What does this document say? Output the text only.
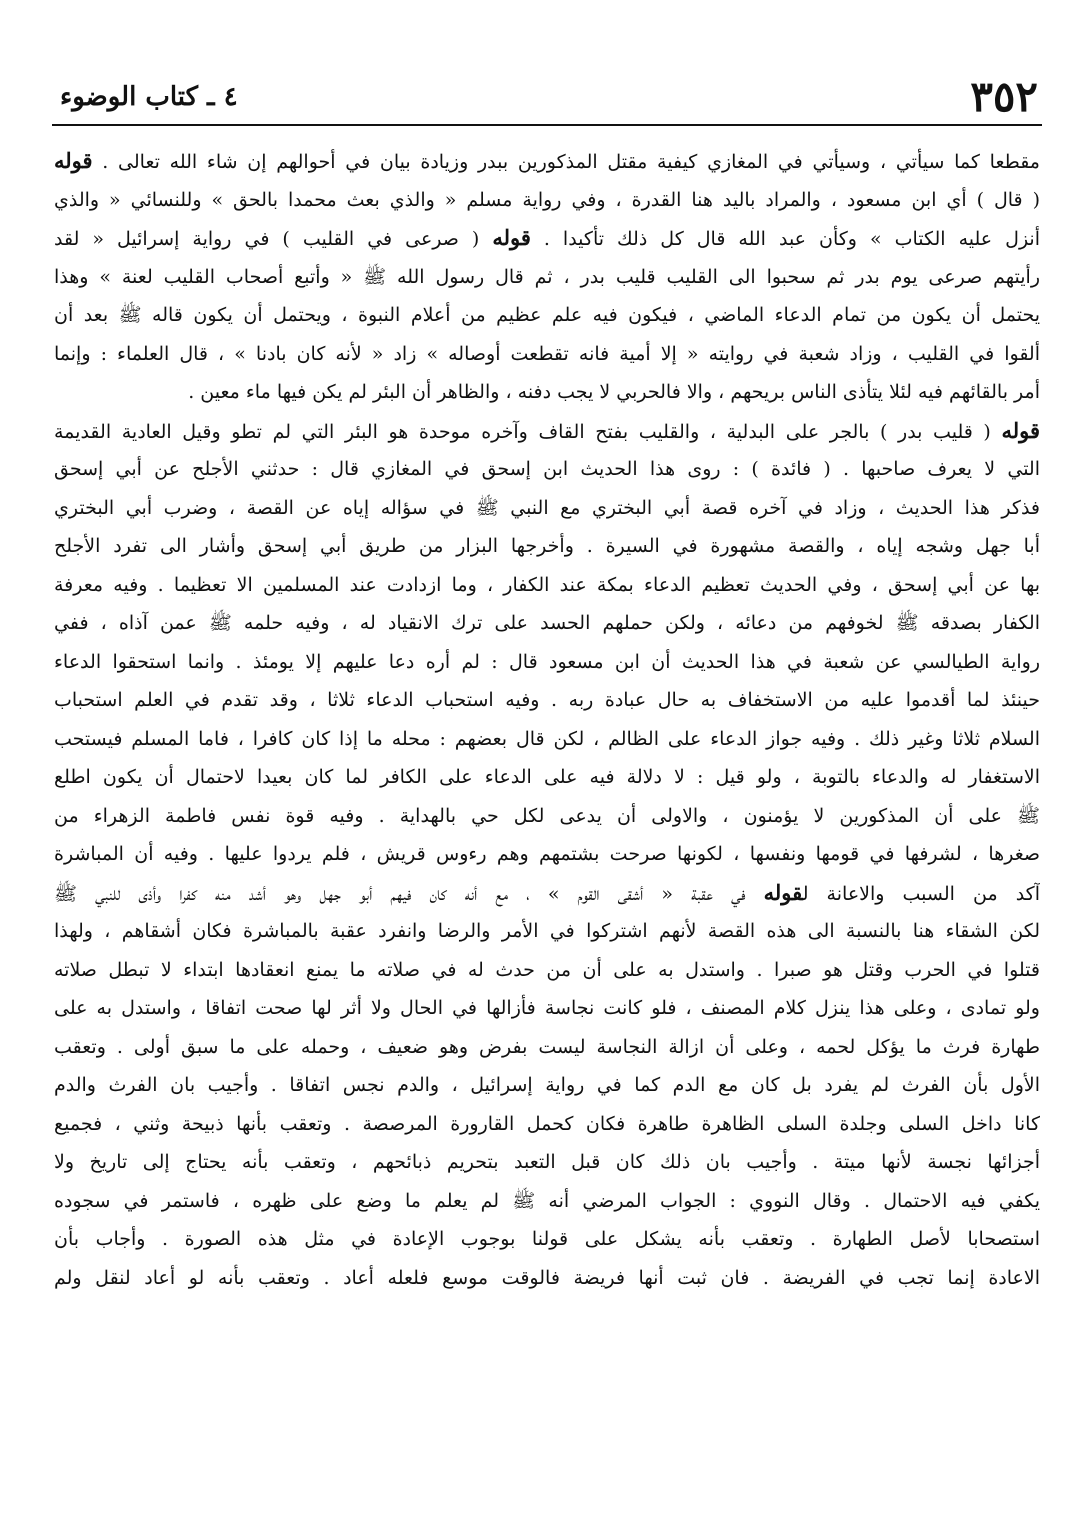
٣٥٢
٤ ـ كتاب الوضوء
مقطعا كما سيأتي ، وسيأتي في المغازي كيفية مقتل المذكورين ببدر وزيادة بيان في أحوالهم إن شاء الله تعالى . قوله
( قال ) أي ابن مسعود ، والمراد باليد هنا القدرة ، وفي رواية مسلم « والذي بعث محمدا بالحق » وللنسائي « والذي
أنزل عليه الكتاب » وكأن عبد الله قال كل ذلك تأكيدا . قوله ( صرعى في القليب ) في رواية إسرائيل « لقد
رأيتهم صرعى يوم بدر ثم سحبوا الى القليب قليب بدر ، ثم قال رسول الله ﷺ « وأتبع أصحاب القليب لعنة » وهذا
يحتمل أن يكون من تمام الدعاء الماضي ، فيكون فيه علم عظيم من أعلام النبوة ، ويحتمل أن يكون قاله ﷺ بعد أن
ألقوا في القليب ، وزاد شعبة في روايته « إلا أمية فانه تقطعت أوصاله » زاد « لأنه كان بادنا » ، قال العلماء : وإنما
أمر بالقائهم فيه لئلا يتأذى الناس بريحهم ، والا فالحربي لا يجب دفنه ، والظاهر أن البئر لم يكن فيها ماء معين .
قوله ( قليب بدر ) بالجر على البدلية ، والقليب بفتح القاف وآخره موحدة هو البئر التي لم تطو وقيل العادية القديمة
التي لا يعرف صاحبها . ( فائدة ) : روى هذا الحديث ابن إسحق في المغازي قال : حدثني الأجلح عن أبي إسحق
فذكر هذا الحديث ، وزاد في آخره قصة أبي البختري مع النبي ﷺ في سؤاله إياه عن القصة ، وضرب أبي البختري
أبا جهل وشجه إياه ، والقصة مشهورة في السيرة . وأخرجها البزار من طريق أبي إسحق وأشار الى تفرد الأجلح
بها عن أبي إسحق ، وفي الحديث تعظيم الدعاء بمكة عند الكفار ، وما ازدادت عند المسلمين الا تعظيما . وفيه معرفة
الكفار بصدقه ﷺ لخوفهم من دعائه ، ولكن حملهم الحسد على ترك الانقياد له ، وفيه حلمه ﷺ عمن آذاه ، ففي
رواية الطيالسي عن شعبة في هذا الحديث أن ابن مسعود قال : لم أره دعا عليهم إلا يومئذ . وانما استحقوا الدعاء
حينئذ لما أقدموا عليه من الاستخفاف به حال عبادة ربه . وفيه استحباب الدعاء ثلاثا ، وقد تقدم في العلم استحباب
السلام ثلاثا وغير ذلك . وفيه جواز الدعاء على الظالم ، لكن قال بعضهم : محله ما إذا كان كافرا ، فاما المسلم فيستحب
الاستغفار له والدعاء بالتوبة ، ولو قيل : لا دلالة فيه على الدعاء على الكافر لما كان بعيدا لاحتمال أن يكون اطلع
ﷺ على أن المذكورين لا يؤمنون ، والاولى أن يدعى لكل حي بالهداية . وفيه قوة نفس فاطمة الزهراء من
صغرها ، لشرفها في قومها ونفسها ، لكونها صرحت بشتمهم وهم رءوس قريش ، فلم يردوا عليها . وفيه أن المباشرة
آكد من السبب والاعانة لقوله في عقبة « أشقى القوم » ، مع أنه كان فيهم أبو جهل وهو أشد منه كفرا وأذى للنبي ﷺ
لكن الشقاء هنا بالنسبة الى هذه القصة لأنهم اشتركوا في الأمر والرضا وانفرد عقبة بالمباشرة فكان أشقاهم ، ولهذا
قتلوا في الحرب وقتل هو صبرا . واستدل به على أن من حدث له في صلاته ما يمنع انعقادها ابتداء لا تبطل صلاته
ولو تمادى ، وعلى هذا ينزل كلام المصنف ، فلو كانت نجاسة فأزالها في الحال ولا أثر لها صحت اتفاقا ، واستدل به على
طهارة فرث ما يؤكل لحمه ، وعلى أن ازالة النجاسة ليست بفرض وهو ضعيف ، وحمله على ما سبق أولى . وتعقب
الأول بأن الفرث لم يفرد بل كان مع الدم كما في رواية إسرائيل ، والدم نجس اتفاقا . وأجيب بان الفرث والدم
كانا داخل السلى وجلدة السلى الظاهرة طاهرة فكان كحمل القارورة المرصصة . وتعقب بأنها ذبيحة وثني ، فجميع
أجزائها نجسة لأنها ميتة . وأجيب بان ذلك كان قبل التعبد بتحريم ذبائحهم ، وتعقب بأنه يحتاج إلى تاريخ ولا
يكفي فيه الاحتمال . وقال النووي : الجواب المرضي أنه ﷺ لم يعلم ما وضع على ظهره ، فاستمر في سجوده
استصحابا لأصل الطهارة . وتعقب بأنه يشكل على قولنا بوجوب الإعادة في مثل هذه الصورة . وأجاب بأن
الاعادة إنما تجب في الفريضة . فان ثبت أنها فريضة فالوقت موسع فلعله أعاد . وتعقب بأنه لو أعاد لنقل ولم
